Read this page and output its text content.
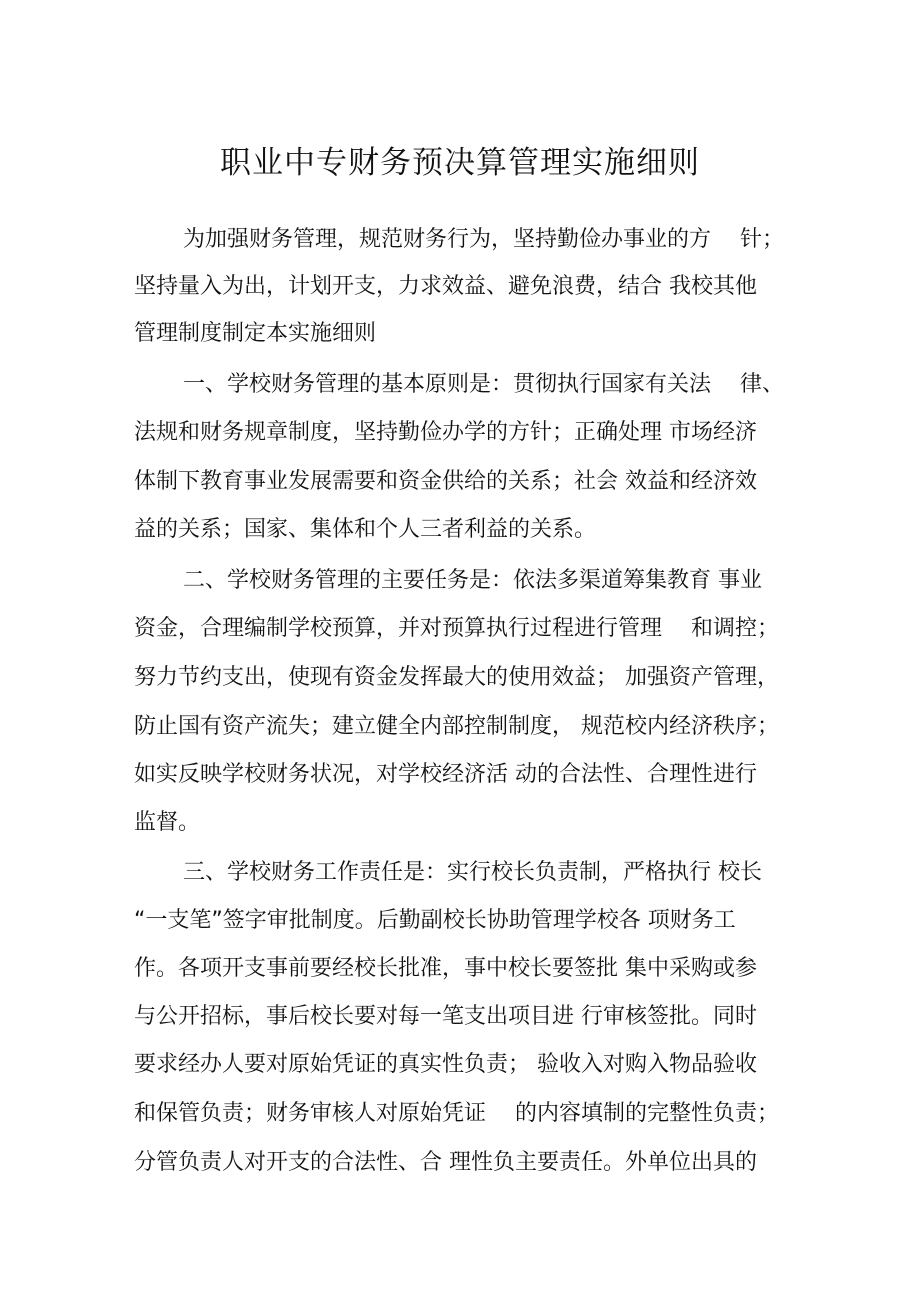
职业中专财务预决算管理实施细则
为加强财务管理，规范财务行为，坚持勤俭办事业的方　 针；
坚持量入为出，计划开支，力求效益、避免浪费，结合 我校其他
管理制度制定本实施细则
一、学校财务管理的基本原则是：贯彻执行国家有关法　 律、
法规和财务规章制度，坚持勤俭办学的方针；正确处理 市场经济
体制下教育事业发展需要和资金供给的关系；社会 效益和经济效
益的关系；国家、集体和个人三者利益的关系。
二、学校财务管理的主要任务是：依法多渠道筹集教育 事业
资金，合理编制学校预算，并对预算执行过程进行管理　 和调控；
努力节约支出，使现有资金发挥最大的使用效益； 加强资产管理，
防止国有资产流失；建立健全内部控制制度， 规范校内经济秩序；
如实反映学校财务状况，对学校经济活 动的合法性、合理性进行
监督。
三、学校财务工作责任是：实行校长负责制，严格执行 校长
“一支笔”签字审批制度。后勤副校长协助管理学校各 项财务工
作。各项开支事前要经校长批准，事中校长要签批 集中采购或参
与公开招标，事后校长要对每一笔支出项目进 行审核签批。同时
要求经办人要对原始凭证的真实性负责； 验收入对购入物品验收
和保管负责；财务审核人对原始凭证　 的内容填制的完整性负责；
分管负责人对开支的合法性、合 理性负主要责任。外单位出具的
